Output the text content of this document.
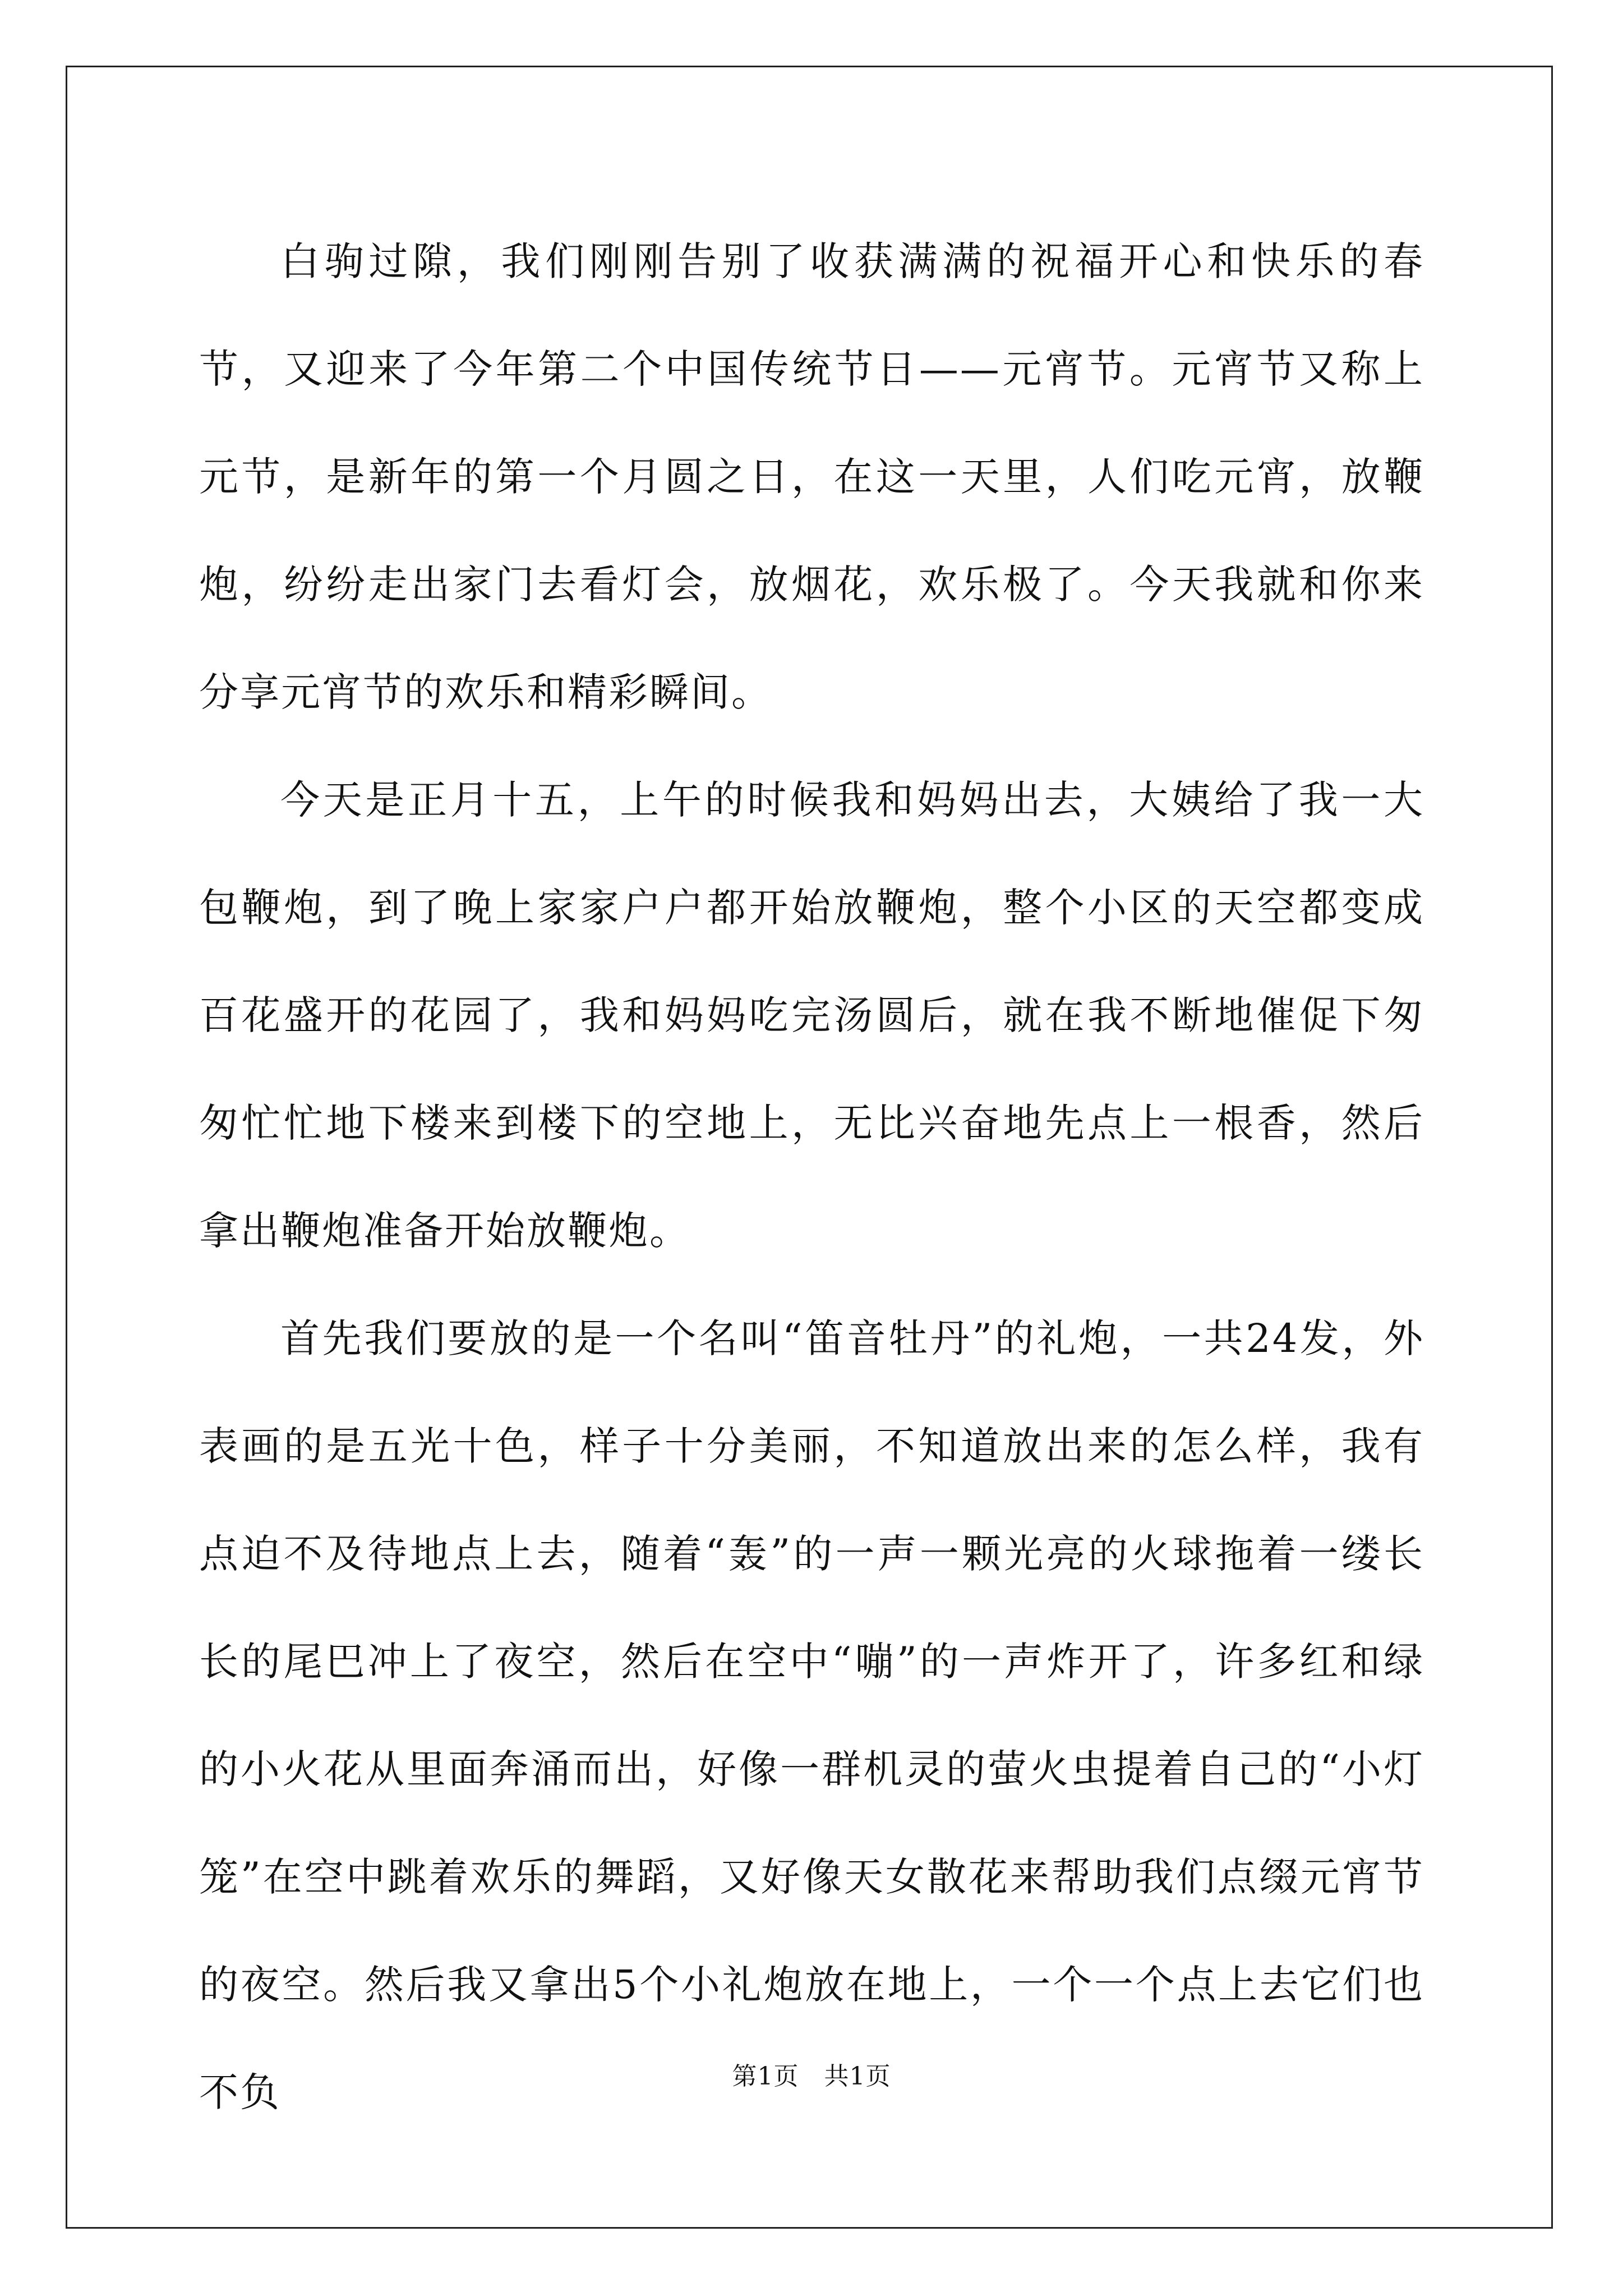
白驹过隙，我们刚刚告别了收获满满的祝福开心和快乐的春节，又迎来了今年第二个中国传统节日——元宵节。元宵节又称上元节，是新年的第一个月圆之日，在这一天里，人们吃元宵，放鞭炮，纷纷走出家门去看灯会，放烟花，欢乐极了。今天我就和你来分享元宵节的欢乐和精彩瞬间。

今天是正月十五，上午的时候我和妈妈出去，大姨给了我一大包鞭炮，到了晚上家家户户都开始放鞭炮，整个小区的天空都变成百花盛开的花园了，我和妈妈吃完汤圆后，就在我不断地催促下匆匆忙忙地下楼来到楼下的空地上，无比兴奋地先点上一根香，然后拿出鞭炮准备开始放鞭炮。

首先我们要放的是一个名叫“笛音牡丹”的礼炮，一共24发，外表画的是五光十色，样子十分美丽，不知道放出来的怎么样，我有点迫不及待地点上去，随着“轰”的一声一颗光亮的火球拖着一缕长长的尾巴冲上了夜空，然后在空中“嘣”的一声炸开了，许多红和绿的小火花从里面奔涌而出，好像一群机灵的萤火虫提着自己的“小灯笼”在空中跳着欢乐的舞蹈，又好像天女散花来帮助我们点缀元宵节的夜空。然后我又拿出5个小礼炮放在地上，一个一个点上去它们也不负	第1页   共1页
